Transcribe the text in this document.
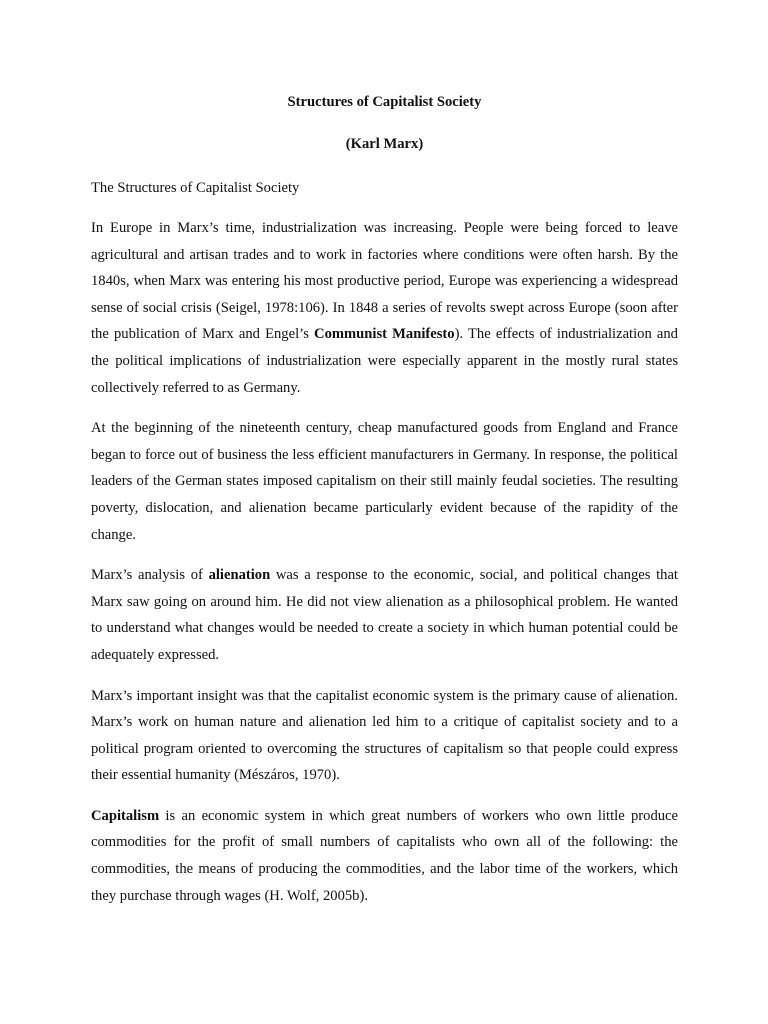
Structures of Capitalist Society

(Karl Marx)

The Structures of Capitalist Society

In Europe in Marx’s time, industrialization was increasing. People were being forced to leave agricultural and artisan trades and to work in factories where conditions were often harsh. By the 1840s, when Marx was entering his most productive period, Europe was experiencing a widespread sense of social crisis (Seigel, 1978:106). In 1848 a series of revolts swept across Europe (soon after the publication of Marx and Engel’s Communist Manifesto). The effects of industrialization and the political implications of industrialization were especially apparent in the mostly rural states collectively referred to as Germany.

At the beginning of the nineteenth century, cheap manufactured goods from England and France began to force out of business the less efficient manufacturers in Germany. In response, the political leaders of the German states imposed capitalism on their still mainly feudal societies. The resulting poverty, dislocation, and alienation became particularly evident because of the rapidity of the change.

Marx’s analysis of alienation was a response to the economic, social, and political changes that Marx saw going on around him. He did not view alienation as a philosophical problem. He wanted to understand what changes would be needed to create a society in which human potential could be adequately expressed.

Marx’s important insight was that the capitalist economic system is the primary cause of alienation. Marx’s work on human nature and alienation led him to a critique of capitalist society and to a political program oriented to overcoming the structures of capitalism so that people could express their essential humanity (Mészáros, 1970).

Capitalism is an economic system in which great numbers of workers who own little produce commodities for the profit of small numbers of capitalists who own all of the following: the commodities, the means of producing the commodities, and the labor time of the workers, which they purchase through wages (H. Wolf, 2005b).
